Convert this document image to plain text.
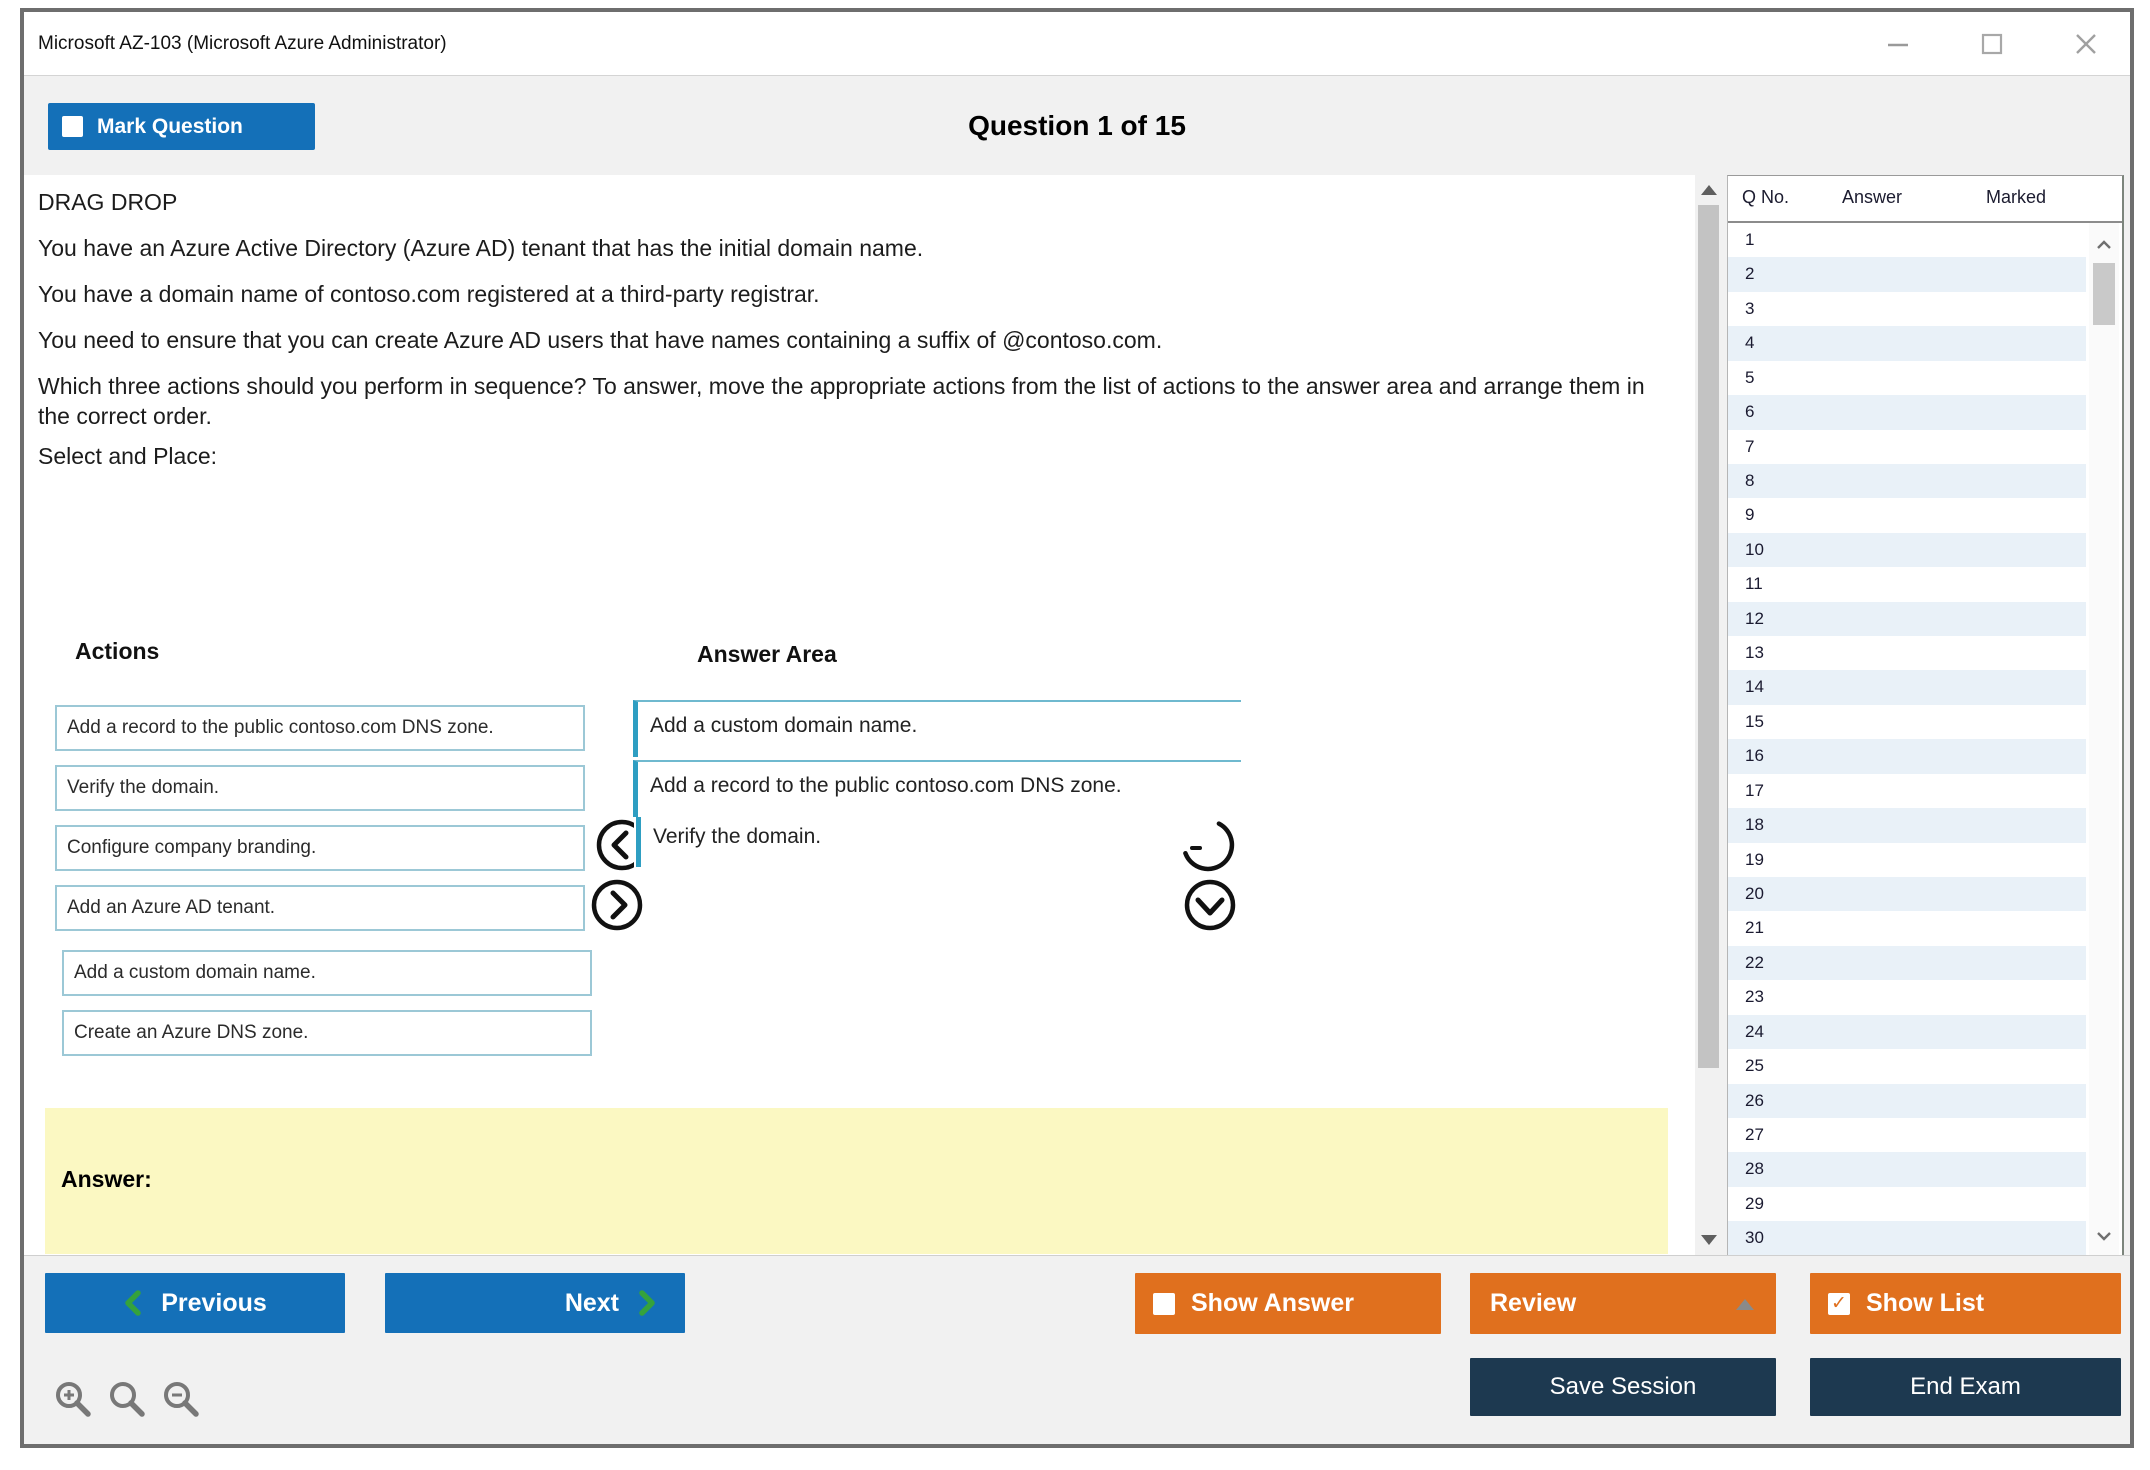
Microsoft AZ-103 (Microsoft Azure Administrator)
Mark Question	Question 1 of 15
DRAG DROP
You have an Azure Active Directory (Azure AD) tenant that has the initial domain name.
You have a domain name of contoso.com registered at a third-party registrar.
You need to ensure that you can create Azure AD users that have names containing a suffix of @contoso.com.
Which three actions should you perform in sequence? To answer, move the appropriate actions from the list of actions to the answer area and arrange them in the correct order.
Select and Place:
Actions	Answer Area
Add a record to the public contoso.com DNS zone.
Verify the domain.
Configure company branding.
Add an Azure AD tenant.
Add a custom domain name.
Create an Azure DNS zone.
Add a custom domain name.
Add a record to the public contoso.com DNS zone.
Verify the domain.
Answer:
Q No.	Answer	Marked
1
2
3
4
5
6
7
8
9
10
11
12
13
14
15
16
17
18
19
20
21
22
23
24
25
26
27
28
29
30
Previous	Next	Show Answer	Review	✓ Show List
Save Session	End Exam
